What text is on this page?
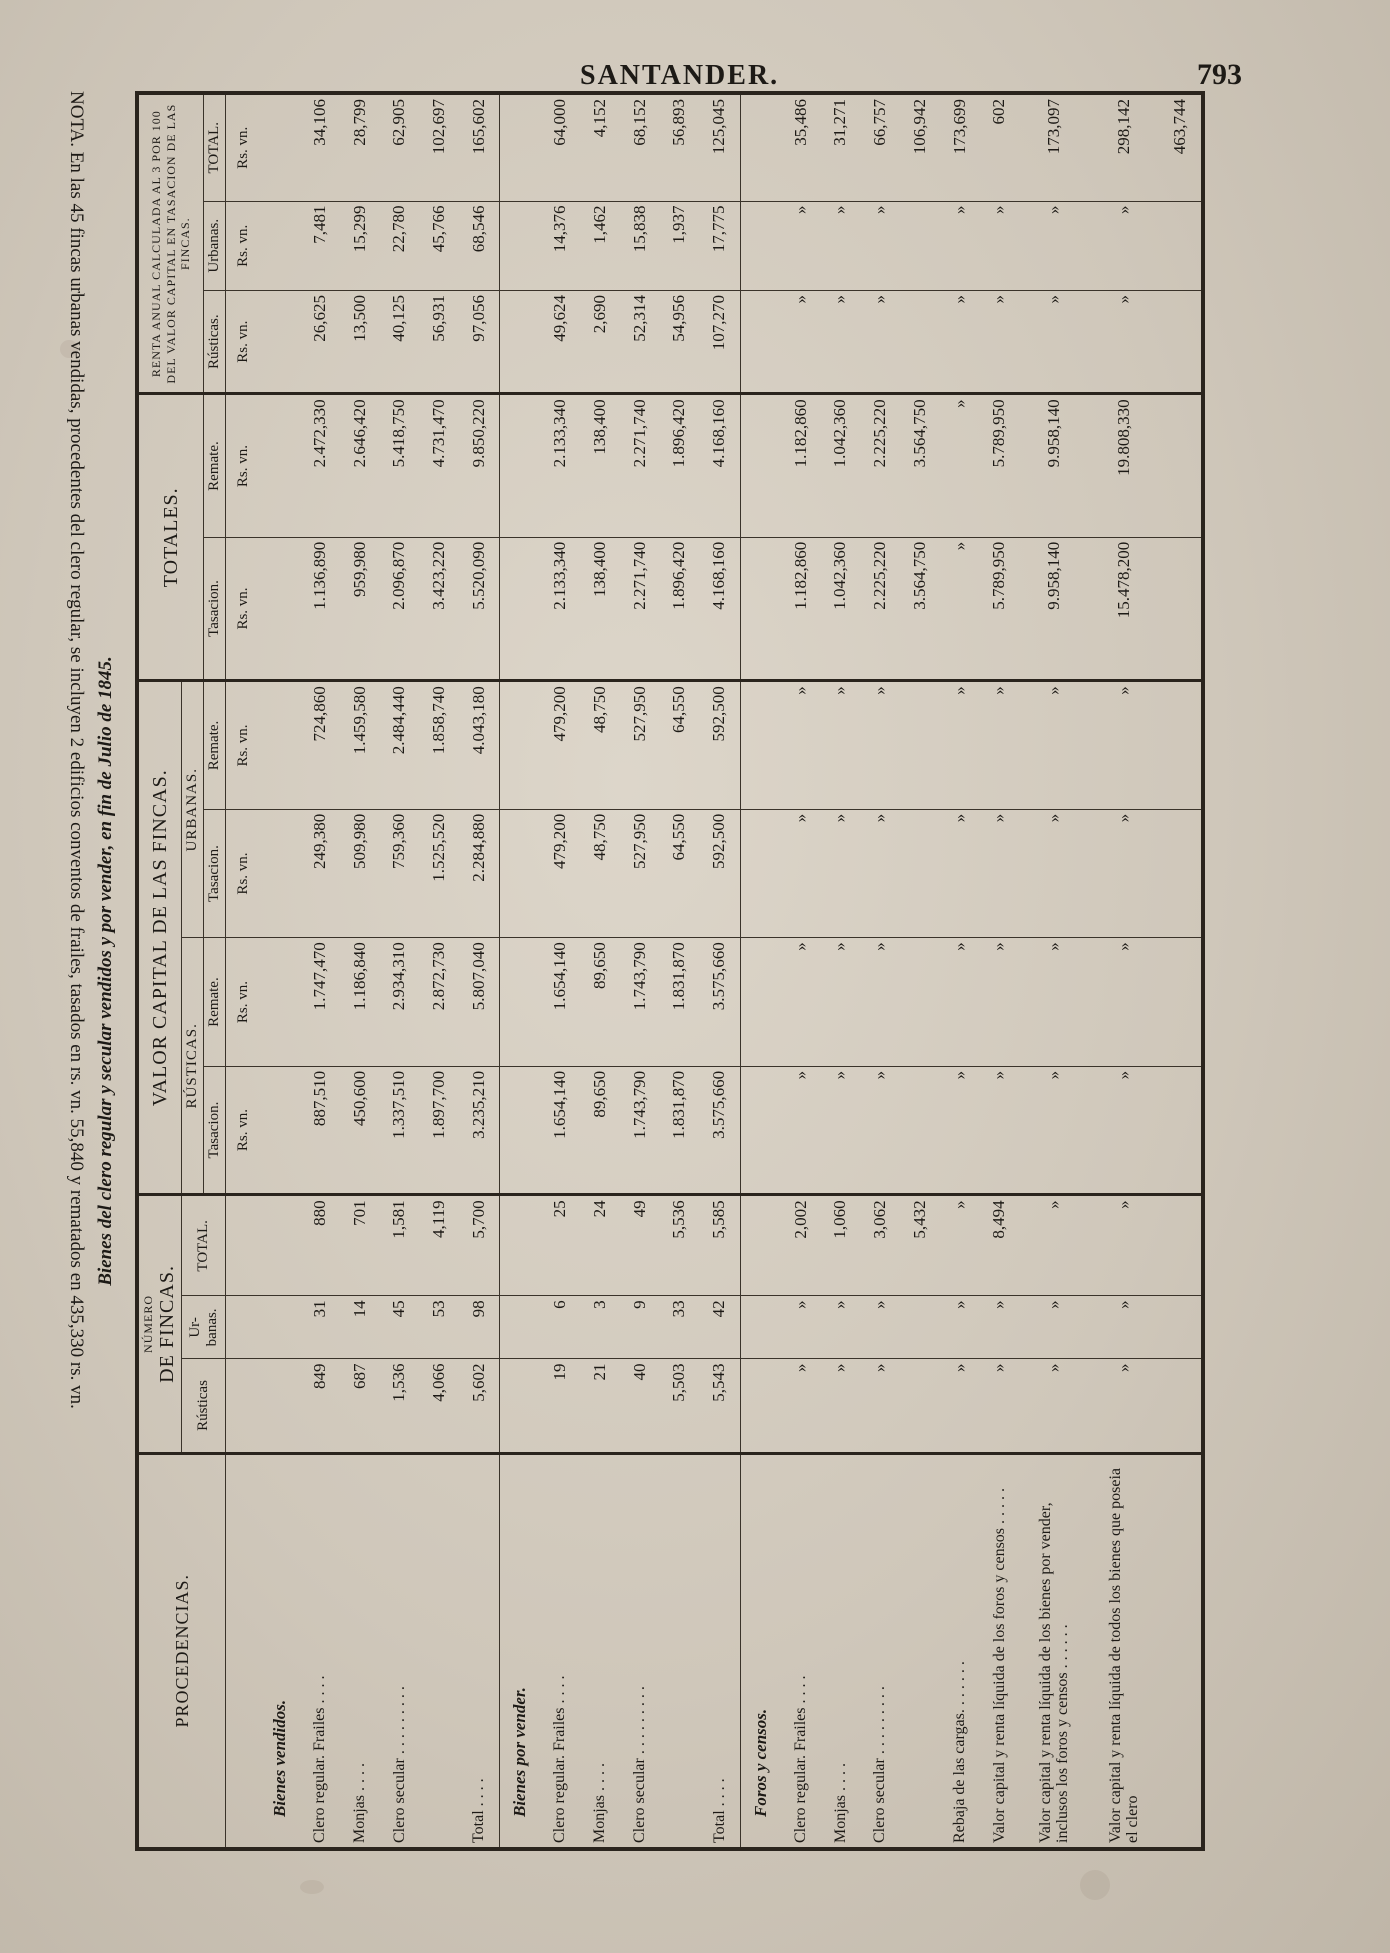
SANTANDER.	793
PROCEDENCIAS.	NÚMERO DE FINCAS.			VALOR CAPITAL DE LAS FINCAS.				TOTALES.		RENTA ANUAL CALCULADA AL 3 POR 100 DEL VALOR CAPITAL EN TASACION DE LAS FINCAS.		
	Rústicas	Ur-banas.	TOTAL.	RÚSTICAS.		URBANAS.						
				Tasacion.	Remate.	Tasacion.	Remate.	Tasacion.	Remate.	Rústicas.	Urbanas.	TOTAL.
				Rs. vn.	Rs. vn.	Rs. vn.	Rs. vn.	Rs. vn.	Rs. vn.	Rs. vn.	Rs. vn.	Rs. vn.
Bienes vendidos.												
Clero regular. Frailes . . . .	849	31	880	887,510	1.747,470	249,380	724,860	1.136,890	2.472,330	26,625	7,481	34,106
Monjas . . . .	687	14	701	450,600	1.186,840	509,980	1.459,580	959,980	2.646,420	13,500	15,299	28,799
Clero secular . . . . . . . . .	1,536	45	1,581	1.337,510	2.934,310	759,360	2.484,440	2.096,870	5.418,750	40,125	22,780	62,905
	4,066	53	4,119	1.897,700	2.872,730	1.525,520	1.858,740	3.423,220	4.731,470	56,931	45,766	102,697
Total . . . .	5,602	98	5,700	3.235,210	5.807,040	2.284,880	4.043,180	5.520,090	9.850,220	97,056	68,546	165,602
Bienes por vender.												
Clero regular. Frailes . . . .	19	6	25	1.654,140	1.654,140	479,200	479,200	2.133,340	2.133,340	49,624	14,376	64,000
Monjas . . . .	21	3	24	89,650	89,650	48,750	48,750	138,400	138,400	2,690	1,462	4,152
Clero secular . . . . . . . . .	40	9	49	1.743,790	1.743,790	527,950	527,950	2.271,740	2.271,740	52,314	15,838	68,152
	5,503	33	5,536	1.831,870	1.831,870	64,550	64,550	1.896,420	1.896,420	54,956	1,937	56,893
Total . . . .	5,543	42	5,585	3.575,660	3.575,660	592,500	592,500	4.168,160	4.168,160	107,270	17,775	125,045
Foros y censos.												
Clero regular. Frailes . . . .	»	»	2,002	»	»	»	»	1.182,860	1.182,860	»	»	35,486
Monjas . . . .	»	»	1,060	»	»	»	»	1.042,360	1.042,360	»	»	31,271
Clero secular . . . . . . . . .	»	»	3,062	»	»	»	»	2.225,220	2.225,220	»	»	66,757
			5,432					3.564,750	3.564,750			106,942
Rebaja de las cargas. . . . . . .	»	»	»	»	»	»	»	»	»	»	»	173,699
Valor capital y renta líquida de los foros y censos . . . . .	»	»	8,494	»	»	»	»	5.789,950	5.789,950	»	»	602
Valor capital y renta líquida de los bienes por vender, inclusos los foros y censos . . . . . .	»	»	»	»	»	»	»	9.958,140	9.958,140	»	»	173,097
Valor capital y renta líquida de todos los bienes que poseia el clero	»	»	»	»	»	»	»	15.478,200	19.808,330	»	»	298,142
												463,744
Bienes del clero regular y secular vendidos y por vender, en fin de Julio de 1845.
NOTA. En las 45 fincas urbanas vendidas, procedentes del clero regular, se incluyen 2 edificios conventos de frailes, tasados en rs. vn. 55,840 y rematados en 435,330 rs. vn.
